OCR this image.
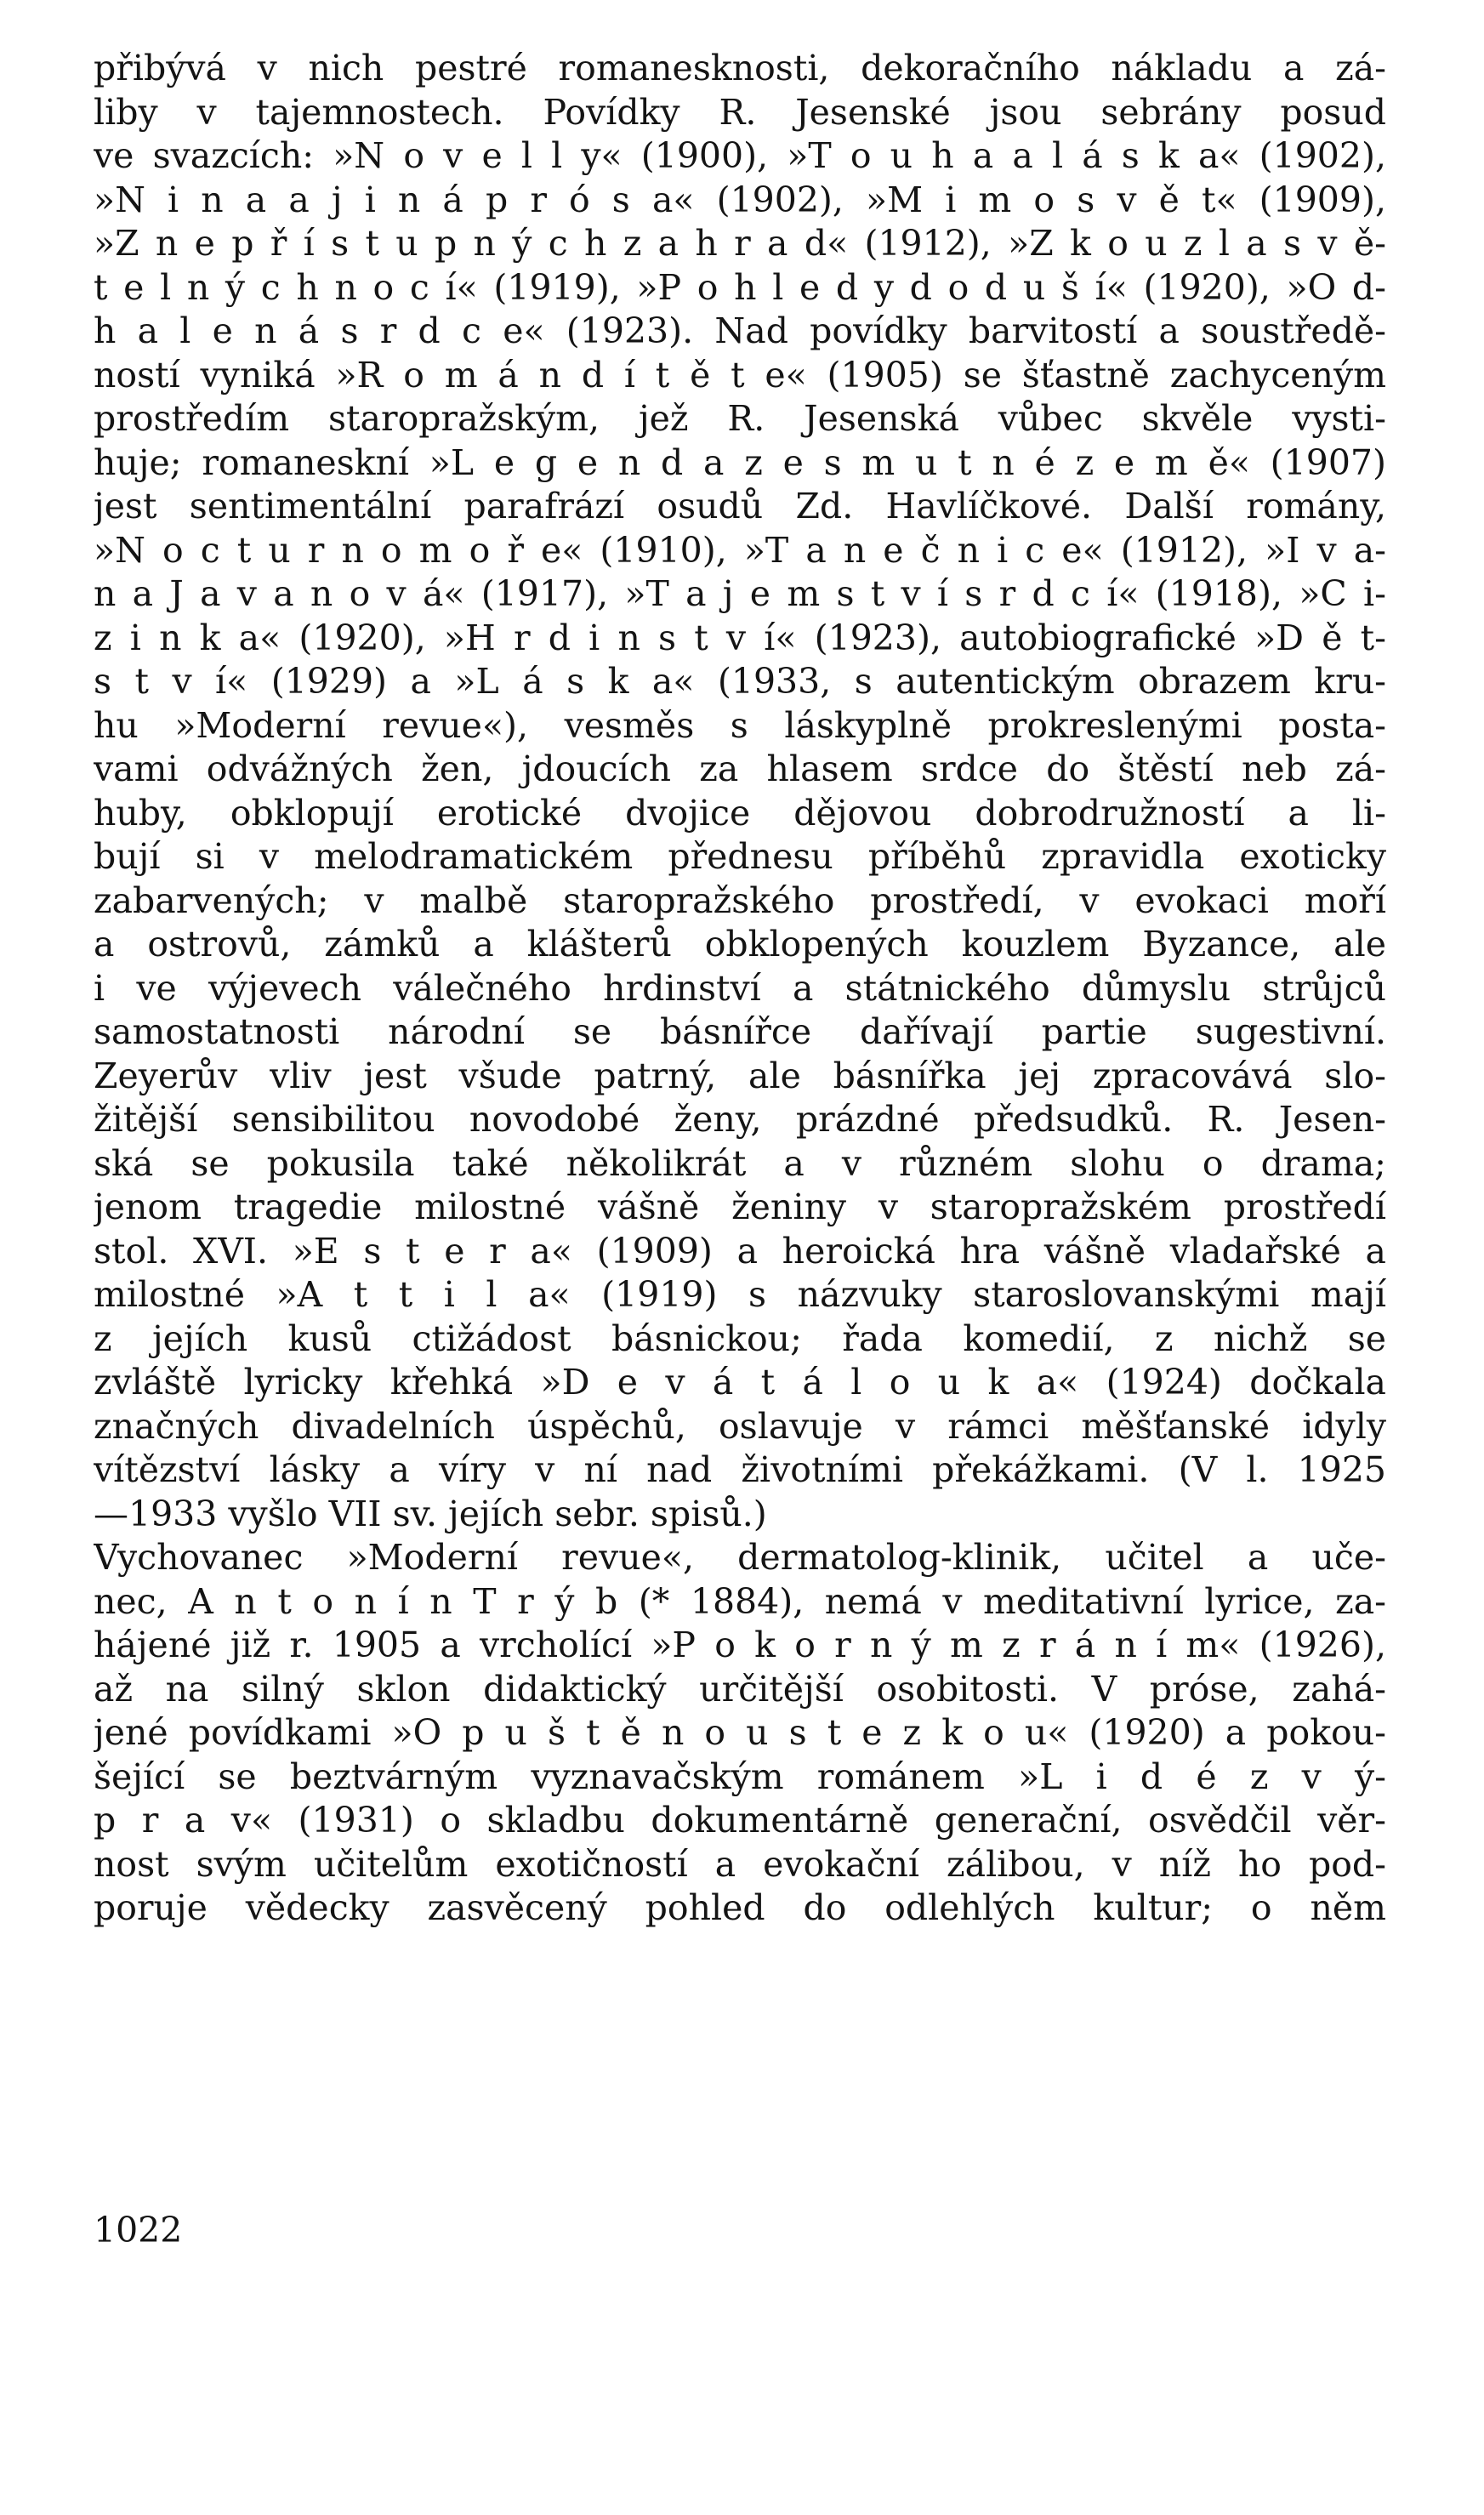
přibývá v nich pestré romanesknosti, dekoračního nákladu a zá-
liby v tajemnostech. Povídky R. Jesenské jsou sebrány posud
ve svazcích: »N o v e l l y« (1900), »T o u h a a l á s k a« (1902),
»N i n a a j i n á p r ó s a« (1902), »M i m o s v ě t« (1909),
»Z n e p ř í s t u p n ý c h z a h r a d« (1912), »Z k o u z l a s v ě-
t e l n ý c h n o c í« (1919), »P o h l e d y d o d u š í« (1920), »O d-
h a l e n á s r d c e« (1923). Nad povídky barvitostí a soustředě-
ností vyniká »R o m á n d í t ě t e« (1905) se šťastně zachyceným
prostředím staropražským, jež R. Jesenská vůbec skvěle vysti-
huje; romaneskní »L e g e n d a z e s m u t n é z e m ě« (1907)
jest sentimentální parafrází osudů Zd. Havlíčkové. Další romány,
»N o c t u r n o m o ř e« (1910), »T a n e č n i c e« (1912), »I v a-
n a J a v a n o v á« (1917), »T a j e m s t v í s r d c í« (1918), »C i-
z i n k a« (1920), »H r d i n s t v í« (1923), autobiografické »D ě t-
s t v í« (1929) a »L á s k a« (1933, s autentickým obrazem kru-
hu »Moderní revue«), vesměs s láskyplně prokreslenými posta-
vami odvážných žen, jdoucích za hlasem srdce do štěstí neb zá-
huby, obklopují erotické dvojice dějovou dobrodružností a li-
bují si v melodramatickém přednesu příběhů zpravidla exoticky
zabarvených; v malbě staropražského prostředí, v evokaci moří
a ostrovů, zámků a klášterů obklopených kouzlem Byzance, ale
i ve výjevech válečného hrdinství a státnického důmyslu strůjců
samostatnosti národní se básnířce dařívají partie sugestivní.
Zeyerův vliv jest všude patrný, ale básnířka jej zpracovává slo-
žitější sensibilitou novodobé ženy, prázdné předsudků. R. Jesen-
ská se pokusila také několikrát a v různém slohu o drama;
jenom tragedie milostné vášně ženiny v staropražském prostředí
stol. XVI. »E s t e r a« (1909) a heroická hra vášně vladařské a
milostné »A t t i l a« (1919) s názvuky staroslovanskými mají
z jejích kusů ctižádost básnickou; řada komedií, z nichž se
zvláště lyricky křehká »D e v á t á l o u k a« (1924) dočkala
značných divadelních úspěchů, oslavuje v rámci měšťanské idyly
vítězství lásky a víry v ní nad životními překážkami. (V l. 1925
—1933 vyšlo VII sv. jejích sebr. spisů.)
Vychovanec »Moderní revue«, dermatolog-klinik, učitel a uče-
nec, A n t o n í n T r ý b (* 1884), nemá v meditativní lyrice, za-
hájené již r. 1905 a vrcholící »P o k o r n ý m z r á n í m« (1926),
až na silný sklon didaktický určitější osobitosti. V próse, zahá-
jené povídkami »O p u š t ě n o u s t e z k o u« (1920) a pokou-
šející se beztvárným vyznavačským románem »L i d é z v ý-
p r a v« (1931) o skladbu dokumentárně generační, osvědčil věr-
nost svým učitelům exotičností a evokační zálibou, v níž ho pod-
poruje vědecky zasvěcený pohled do odlehlých kultur; o něm
1022
